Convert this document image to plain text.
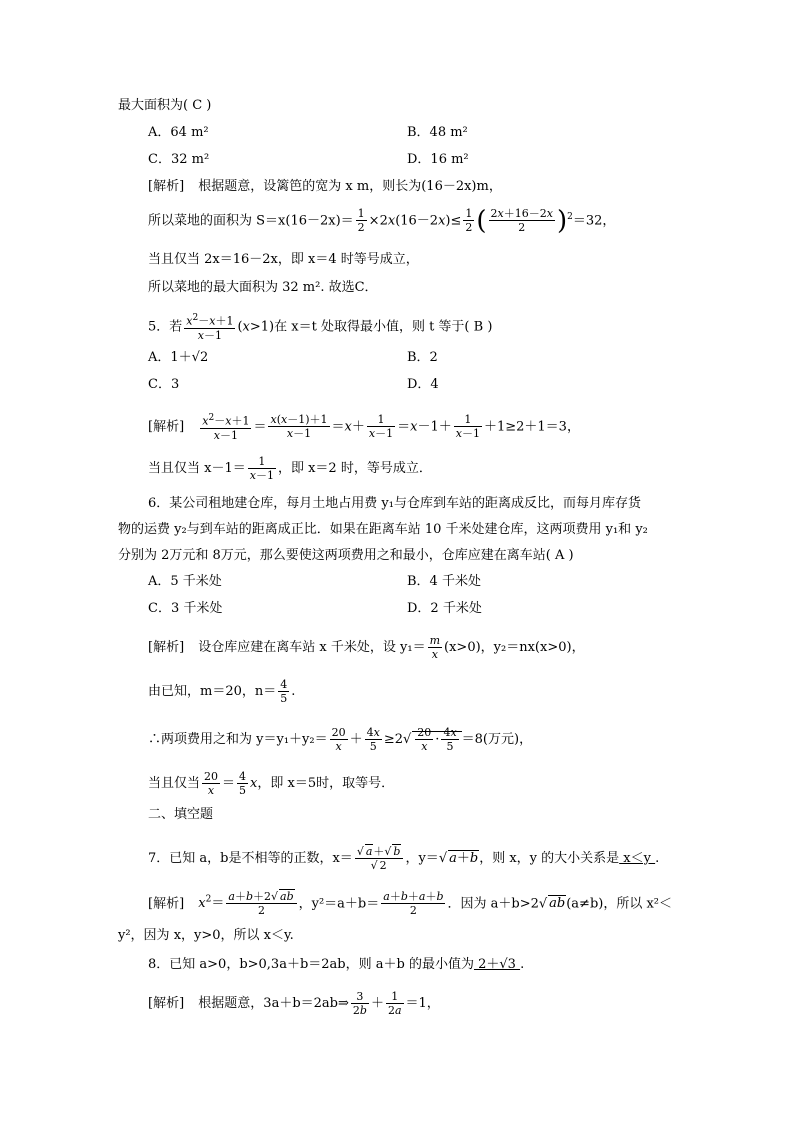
最大面积为( C )
A．64 m²	B．48 m²
C．32 m²	D．16 m²
[解析] 根据题意，设篱笆的宽为 x m，则长为(16－2x)m，
所以菜地的面积为 $S=x(16-2x)= \frac{1}{2} \times 2x(16-2x)\le \frac{1}{2}$ ( $\frac{2x+16-2x}{2} )^2=32$，
当且仅当 2x＝16－2x，即 x＝4 时等号成立，
所以菜地的最大面积为 32 m². 故选C．
5．若 $\frac{x^2-x+1}{x-1} (x>1)$在 x＝t 处取得最小值，则 t 等于( B )
A．1＋√2	B．2
C．3	D．4
[解析] $\frac{x^2-x+1}{x-1} = \frac{x(x-1)+1}{x-1} =x+ \frac{1}{x-1} =x-1+ \frac{1}{x-1} +1\ge 2+1=3$，
当且仅当 $x-1= \frac{1}{x-1}$ ，即 x＝2 时，等号成立．
6．某公司租地建仓库，每月土地占用费 y₁与仓库到车站的距离成反比，而每月库存货
物的运费 y₂与到车站的距离成正比．如果在距离车站 10 千米处建仓库，这两项费用 y₁和 y₂
分别为 2万元和 8万元，那么要使这两项费用之和最小，仓库应建在离车站( A )
A．5 千米处	B．4 千米处
C．3 千米处	D．2 千米处
[解析] 设仓库应建在离车站 x 千米处，设 $y_1= \frac{m}{x} (x>0)$，y₂＝nx(x>0)，
由已知，m＝20，$n= \frac{4}{5}$ .
∴两项费用之和为 $y=y_1+y_2= \frac{20}{x} + \frac{4x}{5} \ge 2√ \frac{20}{x} \cdot \frac{4x}{5} =8$(万元)，
当且仅当 $\frac{20}{x} = \frac{4}{5}$ x，即 x＝5时，取等号．
二、填空题
7．已知 a，b是不相等的正数，$x= \frac{√ a+√ b}{√ 2}$ ，y＝√ a＋b，则 x，y 的大小关系是 x＜y .
[解析] $x^2= \frac{a+b+2√ ab}{2}$ ，$y^2=a+b= \frac{a+b+a+b}{2}$ ．因为 a＋b>2√ ab(a≠b)，所以 x²＜
y²，因为 x，y>0，所以 x＜y.
8．已知 a>0，b>0,3a＋b＝2ab，则 a＋b 的最小值为 2＋√3 .
[解析] 根据题意，3a＋b＝2ab⇒ $\frac{3}{2b} + \frac{1}{2a} =1$，
